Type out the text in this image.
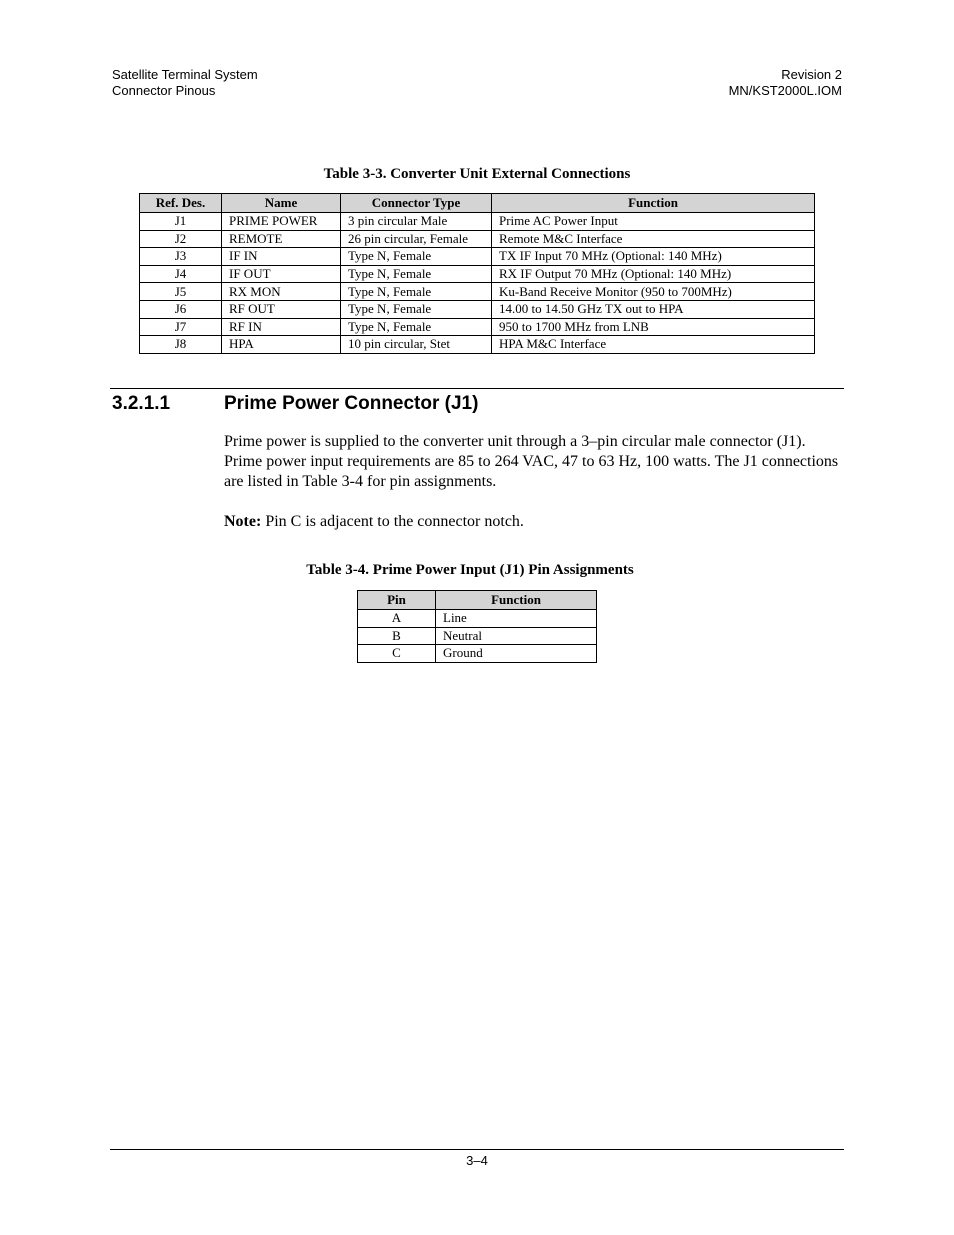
Satellite Terminal System
Connector Pinous
Revision 2
MN/KST2000L.IOM
Table 3-3. Converter Unit External Connections
Ref. Des.	Name	Connector Type	Function

J1	PRIME POWER	3 pin circular Male	Prime AC Power Input
J2	REMOTE	26 pin circular, Female	Remote M&C Interface
J3	IF IN	Type N, Female	TX IF Input 70 MHz (Optional: 140 MHz)
J4	IF OUT	Type N, Female	RX IF Output 70 MHz (Optional: 140 MHz)
J5	RX MON	Type N, Female	Ku-Band Receive Monitor (950 to 700MHz)
J6	RF OUT	Type N, Female	14.00 to 14.50 GHz TX out to HPA
J7	RF IN	Type N, Female	950 to 1700 MHz from LNB
J8	HPA	10 pin circular, Stet	HPA M&C Interface
3.2.1.1	Prime Power Connector (J1)
Prime power is supplied to the converter unit through a 3–pin circular male connector (J1). Prime power input requirements are 85 to 264 VAC, 47 to 63 Hz, 100 watts. The J1 connections are listed in Table 3-4 for pin assignments.
Note: Pin C is adjacent to the connector notch.
Table 3-4. Prime Power Input (J1) Pin Assignments
Pin	Function

A	Line
B	Neutral
C	Ground
3–4
